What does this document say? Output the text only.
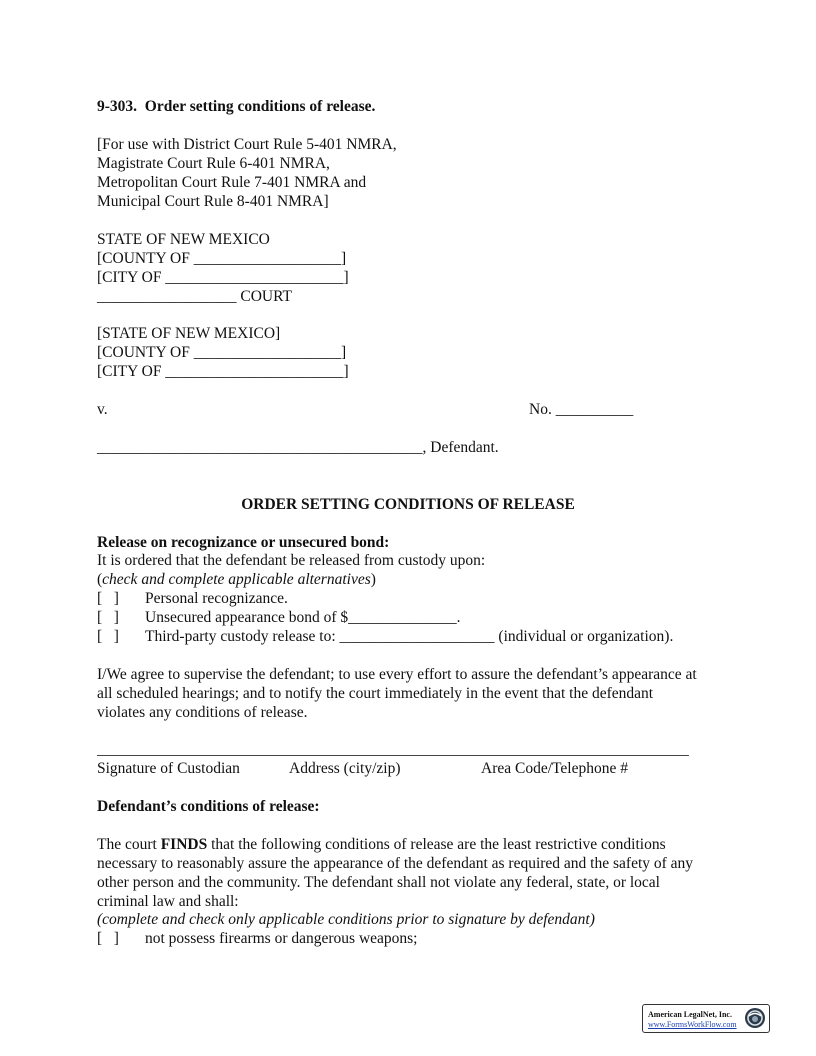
9-303.  Order setting conditions of release.
[For use with District Court Rule 5-401 NMRA,
Magistrate Court Rule 6-401 NMRA,
Metropolitan Court Rule 7-401 NMRA and
Municipal Court Rule 8-401 NMRA]
STATE OF NEW MEXICO
[COUNTY OF ___________________]
[CITY OF _______________________]
__________________ COURT
[STATE OF NEW MEXICO]
[COUNTY OF ___________________]
[CITY OF _______________________]
v.	No. __________
__________________________________________, Defendant.
ORDER SETTING CONDITIONS OF RELEASE
Release on recognizance or unsecured bond:
It is ordered that the defendant be released from custody upon:
(check and complete applicable alternatives)
[   ] Personal recognizance.
[   ] Unsecured appearance bond of $______________.
[   ] Third-party custody release to: ____________________ (individual or organization).
I/We agree to supervise the defendant; to use every effort to assure the defendant’s appearance at
all scheduled hearings; and to notify the court immediately in the event that the defendant
violates any conditions of release.
Signature of Custodian	Address (city/zip)	Area Code/Telephone #
Defendant’s conditions of release:
The court FINDS that the following conditions of release are the least restrictive conditions
necessary to reasonably assure the appearance of the defendant as required and the safety of any
other person and the community. The defendant shall not violate any federal, state, or local
criminal law and shall:
(complete and check only applicable conditions prior to signature by defendant)
[   ] not possess firearms or dangerous weapons;
American LegalNet, Inc.
www.FormsWorkFlow.com
